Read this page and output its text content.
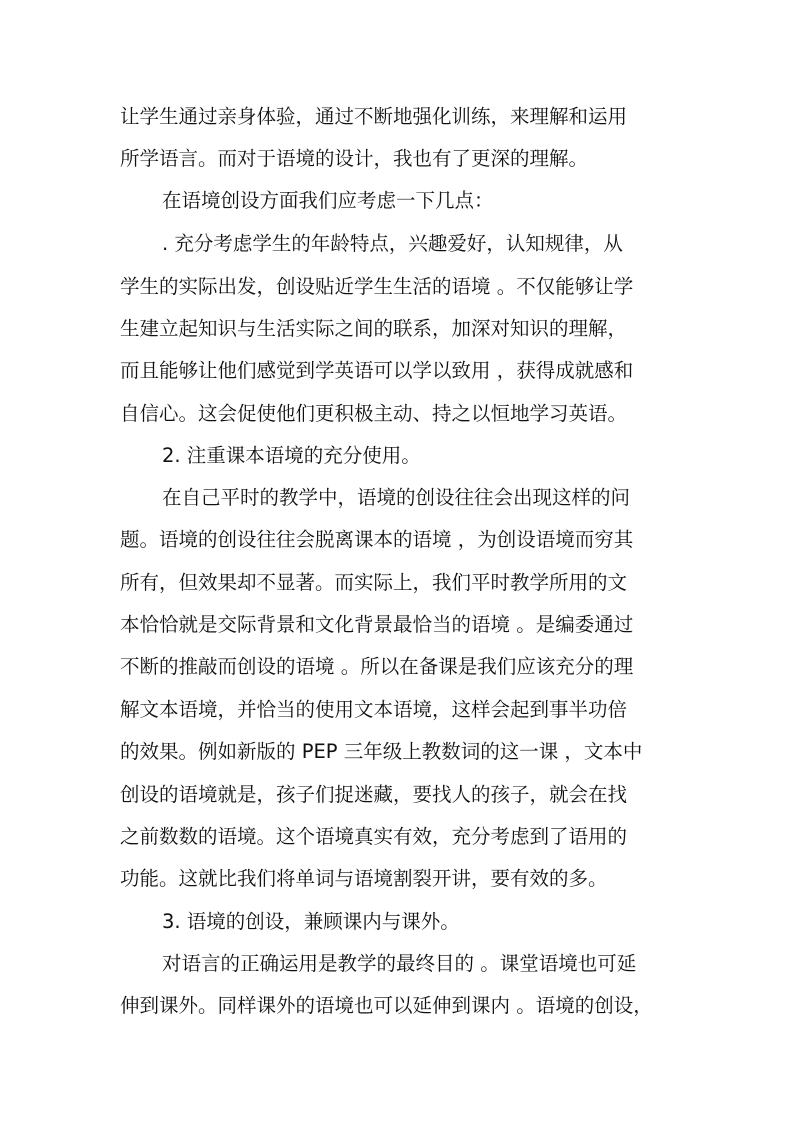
让学生通过亲身体验，通过不断地强化训练，来理解和运用
所学语言。而对于语境的设计，我也有了更深的理解。
在语境创设方面我们应考虑一下几点：
. 充分考虑学生的年龄特点，兴趣爱好，认知规律，从
学生的实际出发，创设贴近学生生活的语境 。不仅能够让学
生建立起知识与生活实际之间的联系，加深对知识的理解，
而且能够让他们感觉到学英语可以学以致用 ，获得成就感和
自信心。这会促使他们更积极主动、持之以恒地学习英语。
2. 注重课本语境的充分使用。
在自己平时的教学中，语境的创设往往会出现这样的问
题。语境的创设往往会脱离课本的语境 ，为创设语境而穷其
所有，但效果却不显著。而实际上，我们平时教学所用的文
本恰恰就是交际背景和文化背景最恰当的语境 。是编委通过
不断的推敲而创设的语境 。所以在备课是我们应该充分的理
解文本语境，并恰当的使用文本语境，这样会起到事半功倍
的效果。例如新版的 PEP 三年级上教数词的这一课 ，文本中
创设的语境就是，孩子们捉迷藏，要找人的孩子，就会在找
之前数数的语境。这个语境真实有效，充分考虑到了语用的
功能。这就比我们将单词与语境割裂开讲，要有效的多。
3. 语境的创设，兼顾课内与课外。
对语言的正确运用是教学的最终目的 。课堂语境也可延
伸到课外。同样课外的语境也可以延伸到课内 。语境的创设，
